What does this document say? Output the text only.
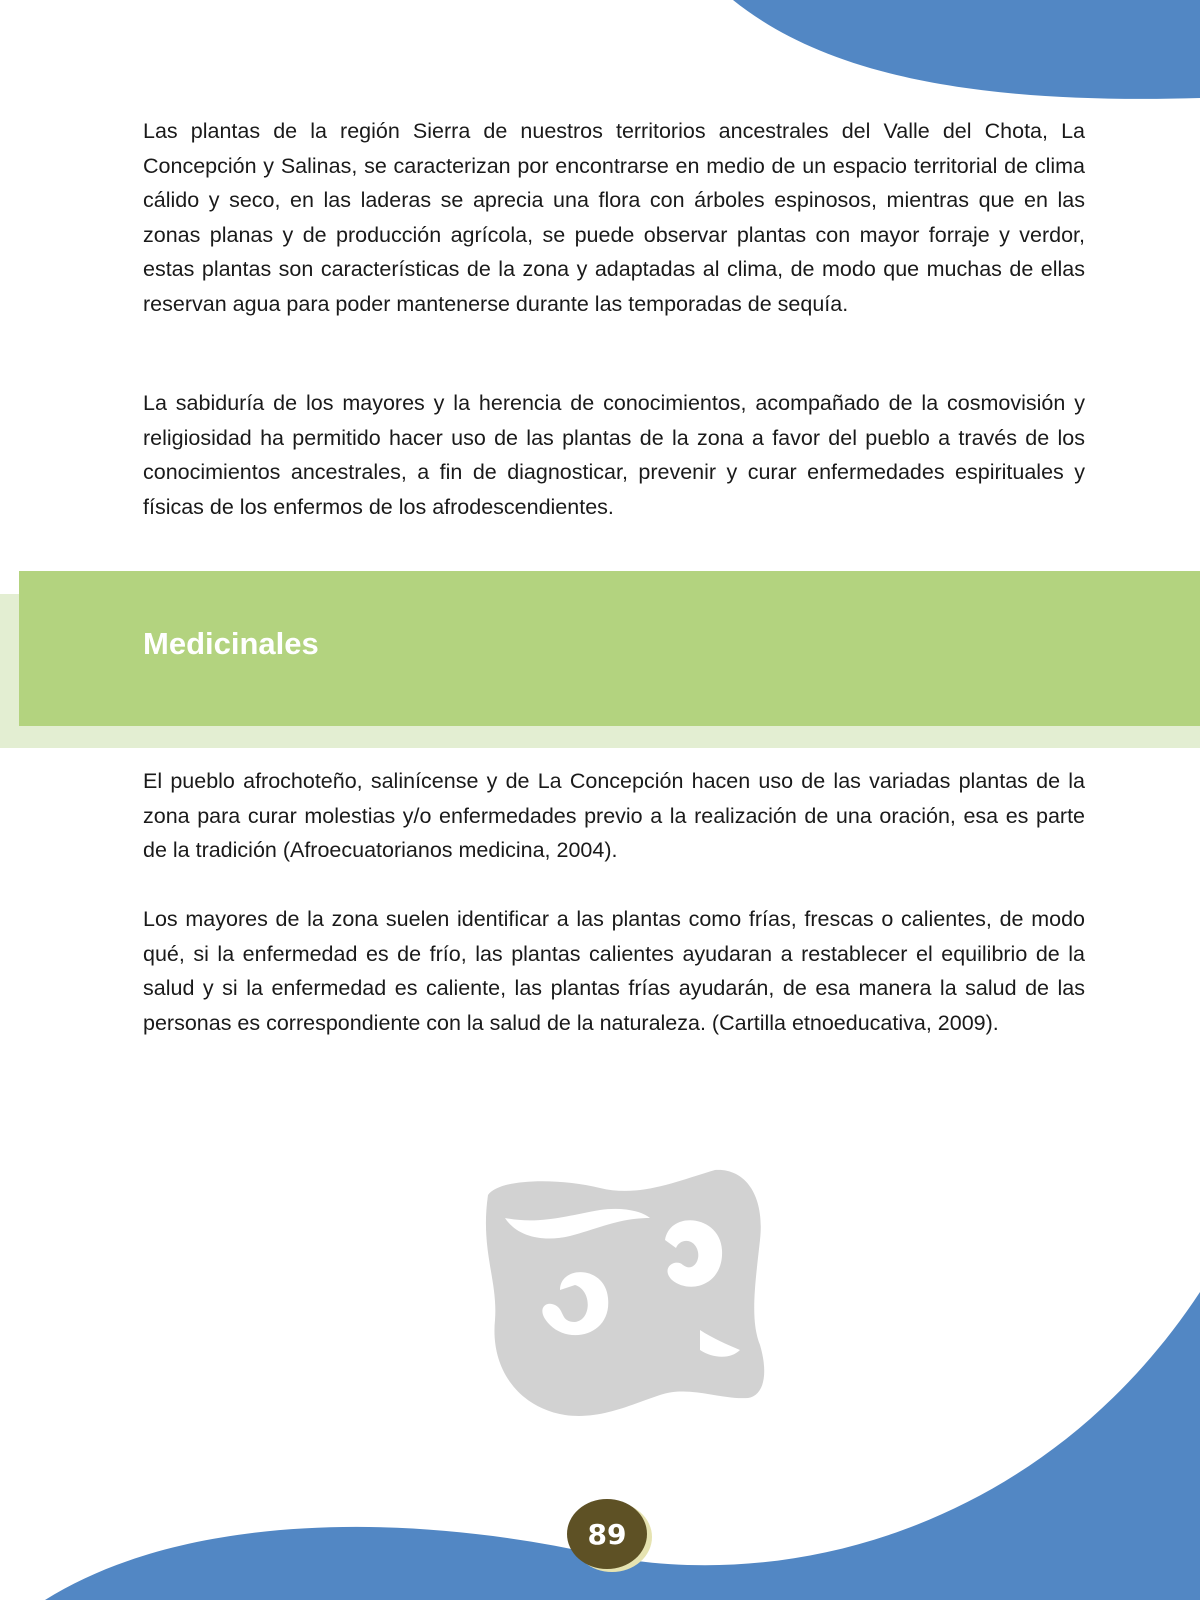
Las plantas de la región Sierra de nuestros territorios ancestrales del Valle del Chota, La Concepción y Salinas, se caracterizan por encontrarse en medio de un espacio territorial de clima cálido y seco, en las laderas se aprecia una flora con árboles espinosos, mientras que en las zonas planas y de producción agrícola, se puede observar plantas con mayor forraje y verdor, estas plantas son características de la zona y adaptadas al clima, de modo que muchas de ellas reservan agua para poder mantenerse durante las temporadas de sequía.

La sabiduría de los mayores y la herencia de conocimientos, acompañado de la cosmovisión y religiosidad ha permitido hacer uso de las plantas de la zona a favor del pueblo a través de los conocimientos ancestrales, a fin de diagnosticar, prevenir y curar enfermedades espirituales y físicas de los enfermos de los afrodescendientes.

Medicinales

El pueblo afrochoteño, salinícense y de La Concepción hacen uso de las variadas plantas de la zona para curar molestias y/o enfermedades previo a la realización de una oración, esa es parte de la tradición (Afroecuatorianos medicina, 2004).

Los mayores de la zona suelen identificar a las plantas como frías, frescas o calientes, de modo qué, si la enfermedad es de frío, las plantas calientes ayudaran a restablecer el equilibrio de la salud y si la enfermedad es caliente, las plantas frías ayudarán, de esa manera la salud de las personas es correspondiente con la salud de la naturaleza. (Cartilla etnoeducativa, 2009).

89
